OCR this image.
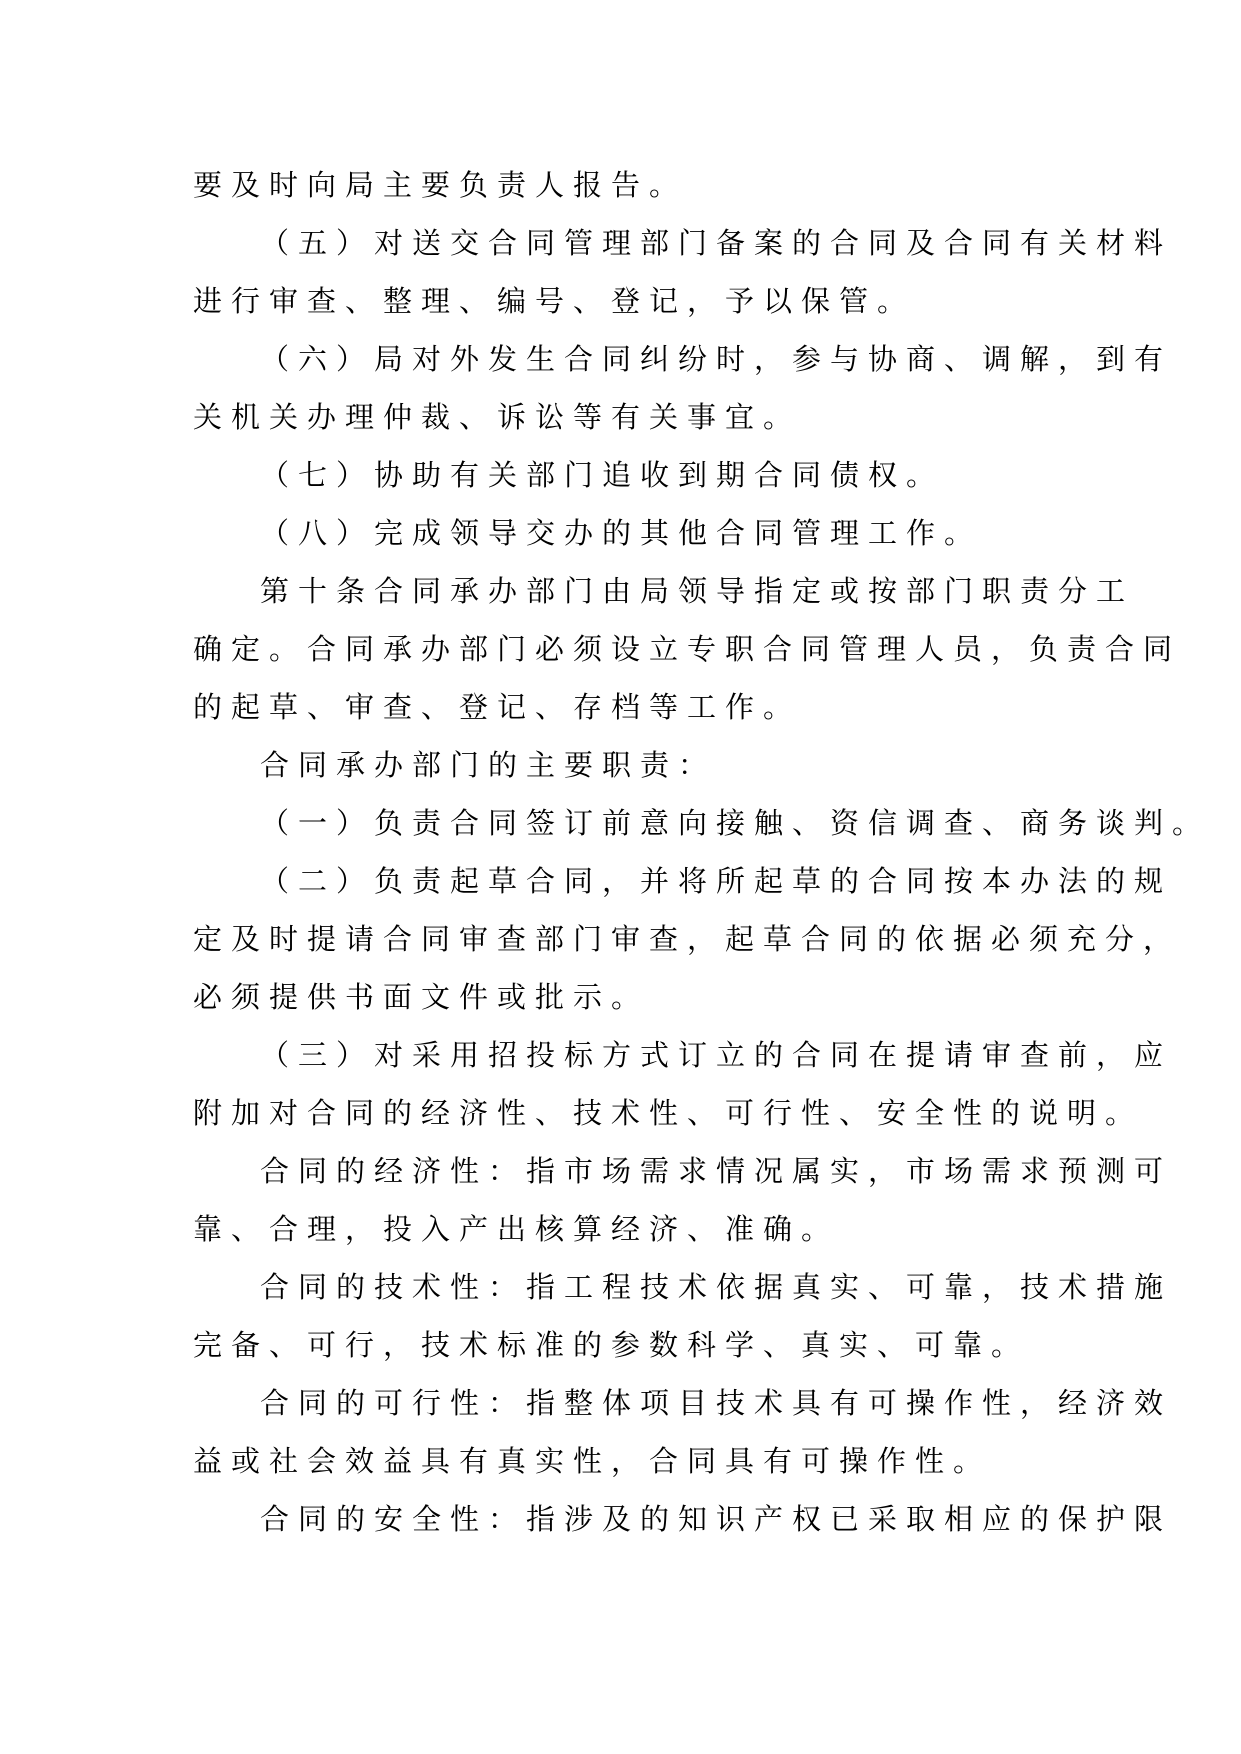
要及时向局主要负责人报告。
（五）对送交合同管理部门备案的合同及合同有关材料
进行审查、整理、编号、登记，予以保管。
（六）局对外发生合同纠纷时，参与协商、调解，到有
关机关办理仲裁、诉讼等有关事宜。
（七）协助有关部门追收到期合同债权。
（八）完成领导交办的其他合同管理工作。
第十条合同承办部门由局领导指定或按部门职责分工
确定。合同承办部门必须设立专职合同管理人员，负责合同
的起草、审查、登记、存档等工作。
合同承办部门的主要职责：
（一）负责合同签订前意向接触、资信调查、商务谈判。
（二）负责起草合同，并将所起草的合同按本办法的规
定及时提请合同审查部门审查，起草合同的依据必须充分，
必须提供书面文件或批示。
（三）对采用招投标方式订立的合同在提请审查前，应
附加对合同的经济性、技术性、可行性、安全性的说明。
合同的经济性：指市场需求情况属实，市场需求预测可
靠、合理，投入产出核算经济、准确。
合同的技术性：指工程技术依据真实、可靠，技术措施
完备、可行，技术标准的参数科学、真实、可靠。
合同的可行性：指整体项目技术具有可操作性，经济效
益或社会效益具有真实性，合同具有可操作性。
合同的安全性：指涉及的知识产权已采取相应的保护限
